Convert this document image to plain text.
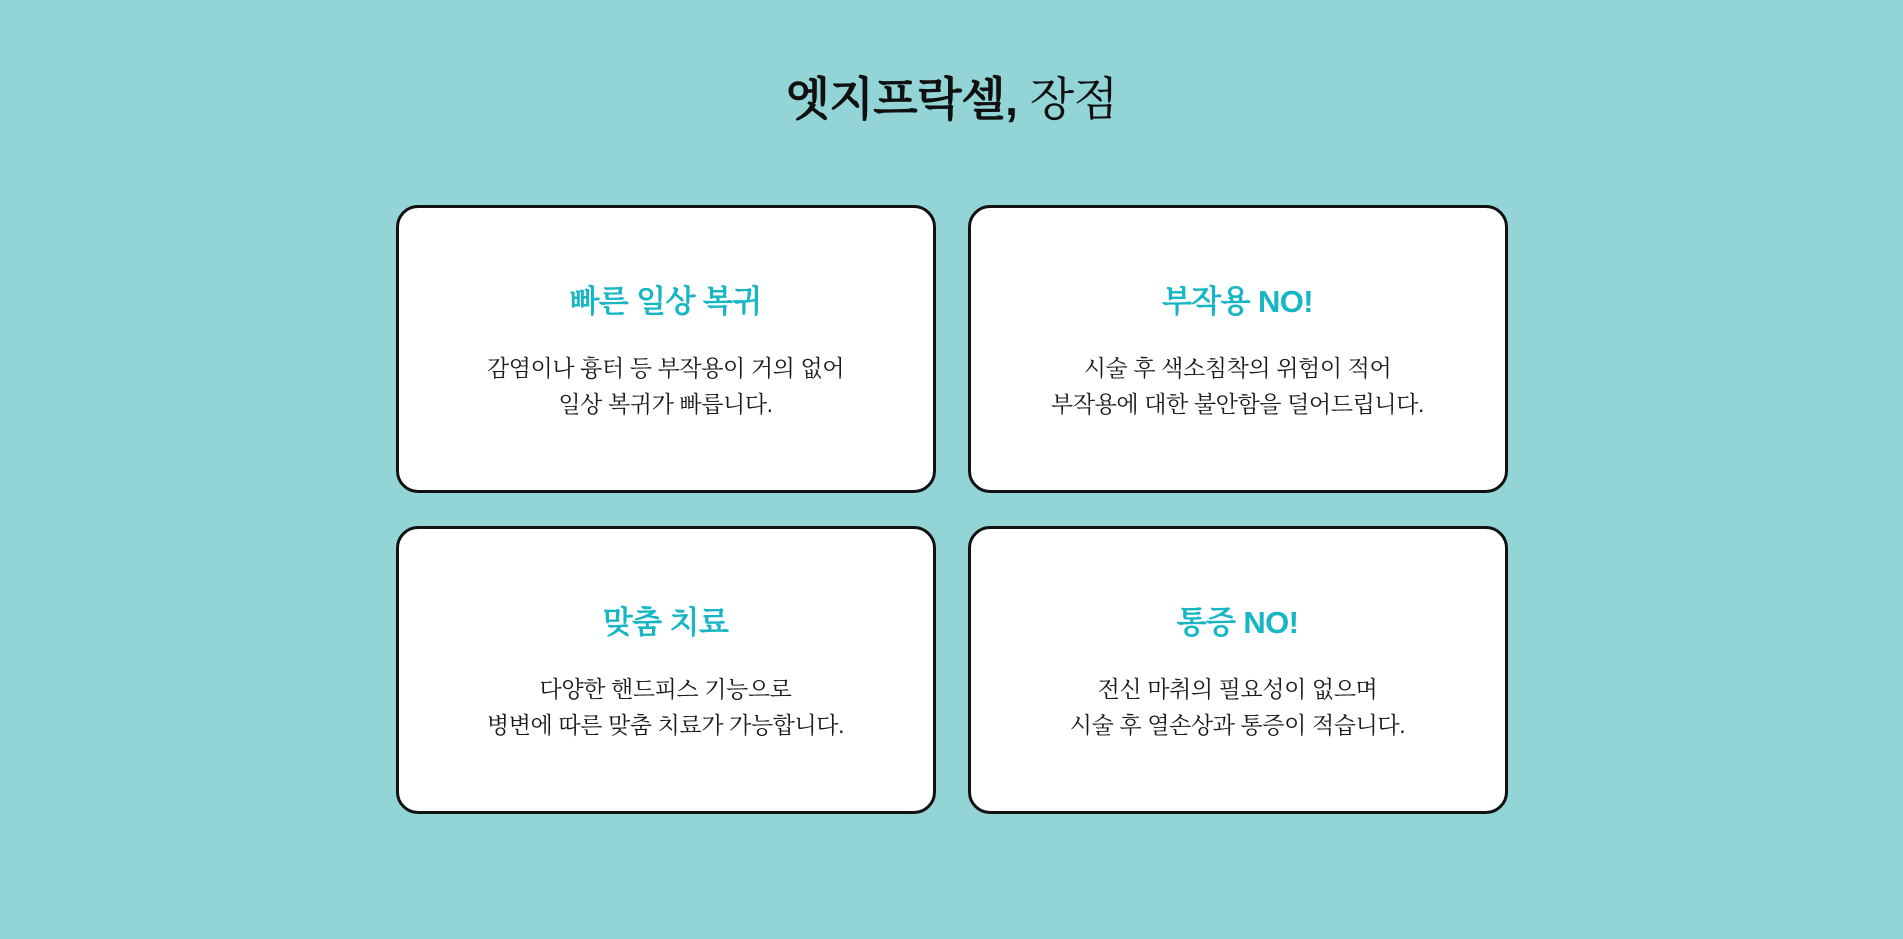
엣지프락셀, 장점
빠른 일상 복귀
감염이나 흉터 등 부작용이 거의 없어
일상 복귀가 빠릅니다.
부작용 NO!
시술 후 색소침착의 위험이 적어
부작용에 대한 불안함을 덜어드립니다.
맞춤 치료
다양한 핸드피스 기능으로
병변에 따른 맞춤 치료가 가능합니다.
통증 NO!
전신 마취의 필요성이 없으며
시술 후 열손상과 통증이 적습니다.
